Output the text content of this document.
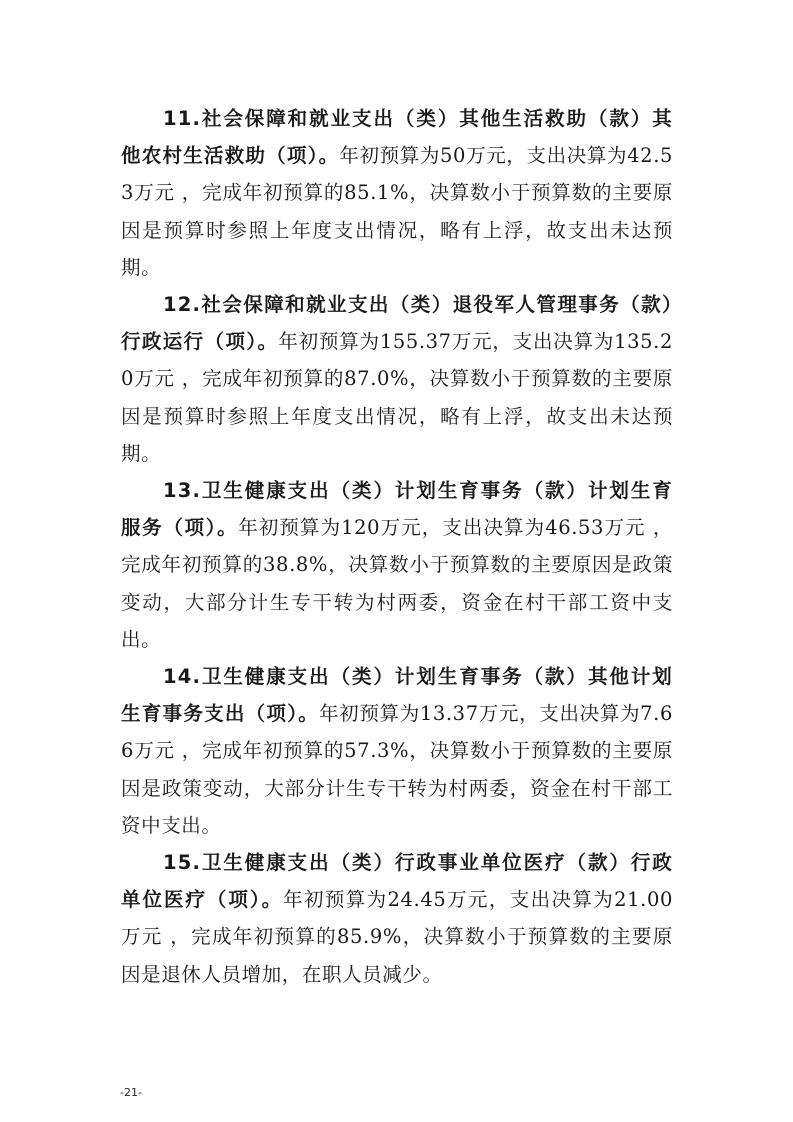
11.社会保障和就业支出（类）其他生活救助（款）其他农村生活救助（项）。年初预算为50万元，支出决算为42.53万元 ，完成年初预算的85.1%，决算数小于预算数的主要原因是预算时参照上年度支出情况，略有上浮，故支出未达预期。

12.社会保障和就业支出（类）退役军人管理事务（款）行政运行（项）。年初预算为155.37万元，支出决算为135.20万元 ，完成年初预算的87.0%，决算数小于预算数的主要原因是预算时参照上年度支出情况，略有上浮，故支出未达预期。

13.卫生健康支出（类）计划生育事务（款）计划生育服务（项）。年初预算为120万元，支出决算为46.53万元 ，完成年初预算的38.8%，决算数小于预算数的主要原因是政策变动，大部分计生专干转为村两委，资金在村干部工资中支出。

14.卫生健康支出（类）计划生育事务（款）其他计划生育事务支出（项）。年初预算为13.37万元，支出决算为7.66万元 ，完成年初预算的57.3%，决算数小于预算数的主要原因是政策变动，大部分计生专干转为村两委，资金在村干部工资中支出。

15.卫生健康支出（类）行政事业单位医疗（款）行政单位医疗（项）。年初预算为24.45万元，支出决算为21.00万元 ，完成年初预算的85.9%，决算数小于预算数的主要原因是退休人员增加，在职人员减少。

-21-
